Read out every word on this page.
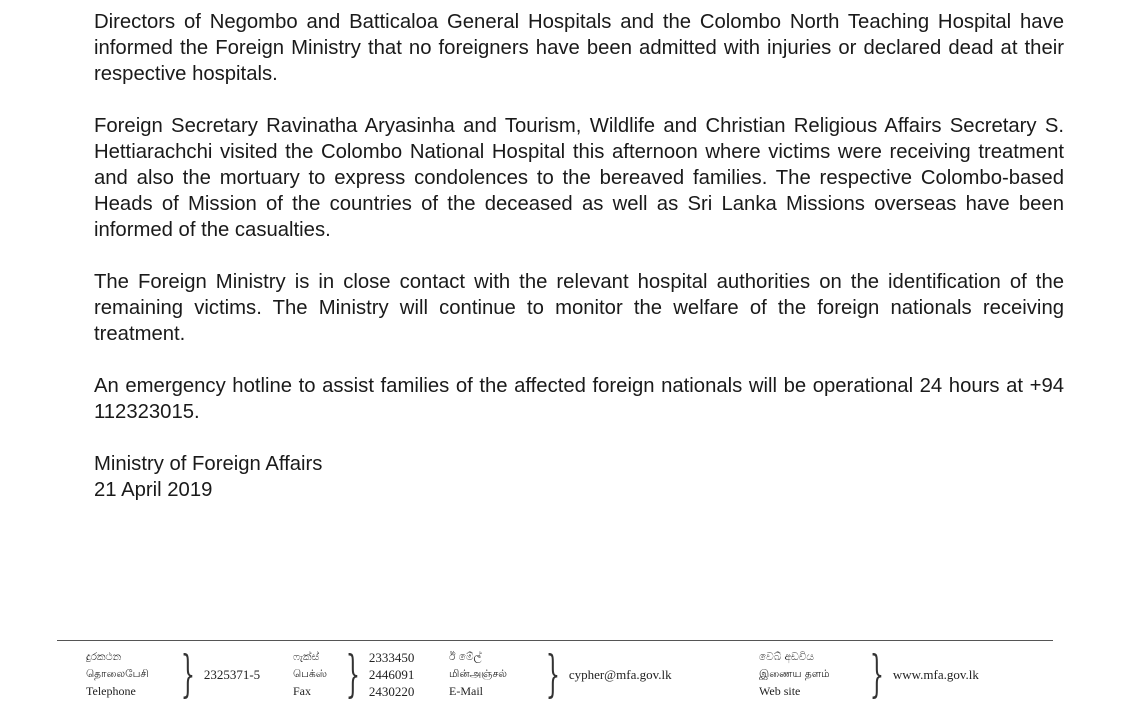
Directors of Negombo and Batticaloa General Hospitals and the Colombo North Teaching Hospital have informed the Foreign Ministry that no foreigners have been admitted with injuries or declared dead at their respective hospitals.

Foreign Secretary Ravinatha Aryasinha and Tourism, Wildlife and Christian Religious Affairs Secretary S. Hettiarachchi visited the Colombo National Hospital this afternoon where victims were receiving treatment and also the mortuary to express condolences to the bereaved families. The respective Colombo-based Heads of Mission of the countries of the deceased as well as Sri Lanka Missions overseas have been informed of the casualties.

The Foreign Ministry is in close contact with the relevant hospital authorities on the identification of the remaining victims. The Ministry will continue to monitor the welfare of the foreign nationals receiving treatment.

An emergency hotline to assist families of the affected foreign nationals will be operational 24 hours at +94 112323015.

Ministry of Foreign Affairs
21 April 2019
දුරකථන
தொலைபேசி
Telephone } 2325371-5
ෆැක්ස්
பெக்ஸ்
Fax } 2333450
2446091
2430220
ඊ මේල්
மின்அஞ்சல்
E-Mail	} cypher@mfa.gov.lk
වෙබ් අඩවිය
இணைய தளம்
Web site	} www.mfa.gov.lk
